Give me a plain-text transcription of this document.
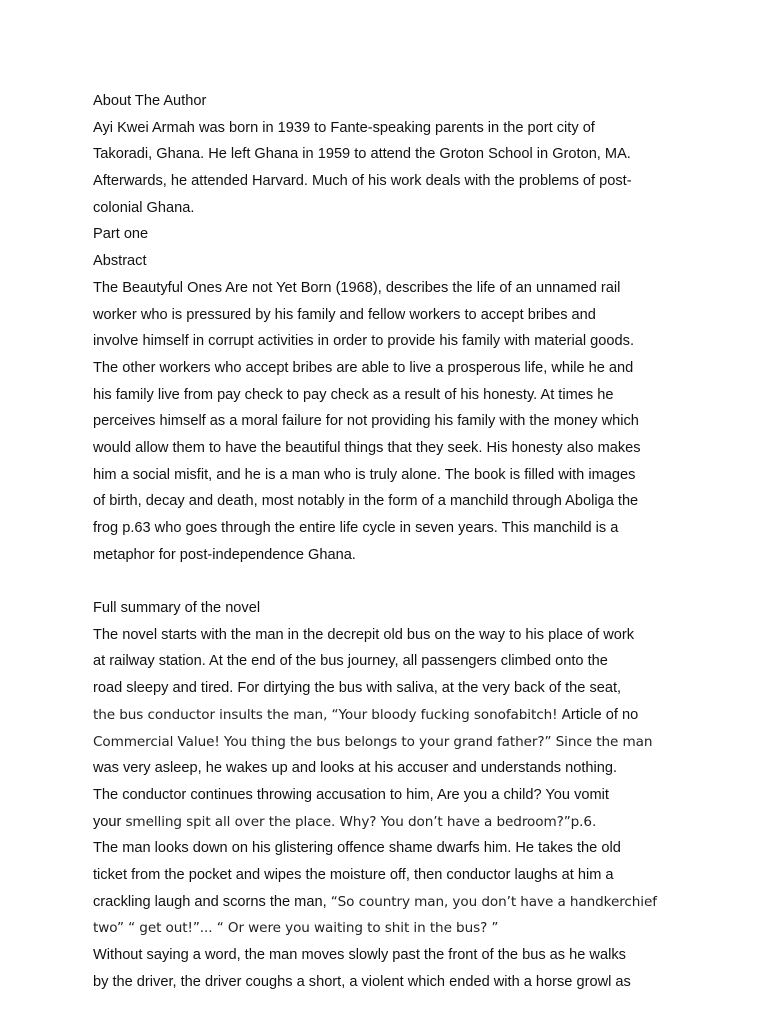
About The Author
Ayi Kwei Armah was born in 1939 to Fante-speaking parents in the port city of
Takoradi, Ghana. He left Ghana in 1959 to attend the Groton School in Groton, MA.
Afterwards, he attended Harvard. Much of his work deals with the problems of post-
colonial Ghana.
Part one
Abstract
The Beautyful Ones Are not Yet Born (1968), describes the life of an unnamed rail
worker who is pressured by his family and fellow workers to accept bribes and
involve himself in corrupt activities in order to provide his family with material goods.
The other workers who accept bribes are able to live a prosperous life, while he and
his family live from pay check to pay check as a result of his honesty. At times he
perceives himself as a moral failure for not providing his family with the money which
would allow them to have the beautiful things that they seek. His honesty also makes
him a social misfit, and he is a man who is truly alone. The book is filled with images
of birth, decay and death, most notably in the form of a manchild through Aboliga the
frog p.63 who goes through the entire life cycle in seven years. This manchild is a
metaphor for post-independence Ghana.
Full summary of the novel
The novel starts with the man in the decrepit old bus on the way to his place of work
at railway station. At the end of the bus journey, all passengers climbed onto the
road sleepy and tired. For dirtying the bus with saliva, at the very back of the seat,
the bus conductor insults the man, “Your bloody fucking sonofabitch! Article of no
Commercial Value! You thing the bus belongs to your grand father?” Since the man
was very asleep, he wakes up and looks at his accuser and understands nothing.
The conductor continues throwing accusation to him, Are you a child? You vomit
your smelling spit all over the place. Why? You don’t have a bedroom?”p.6.
The man looks down on his glistering offence shame dwarfs him. He takes the old
ticket from the pocket and wipes the moisture off, then conductor laughs at him a
crackling laugh and scorns the man, “So country man, you don’t have a handkerchief
two” “ get out!”... “ Or were you waiting to shit in the bus? ”
Without saying a word, the man moves slowly past the front of the bus as he walks
by the driver, the driver coughs a short, a violent which ended with a horse growl as
